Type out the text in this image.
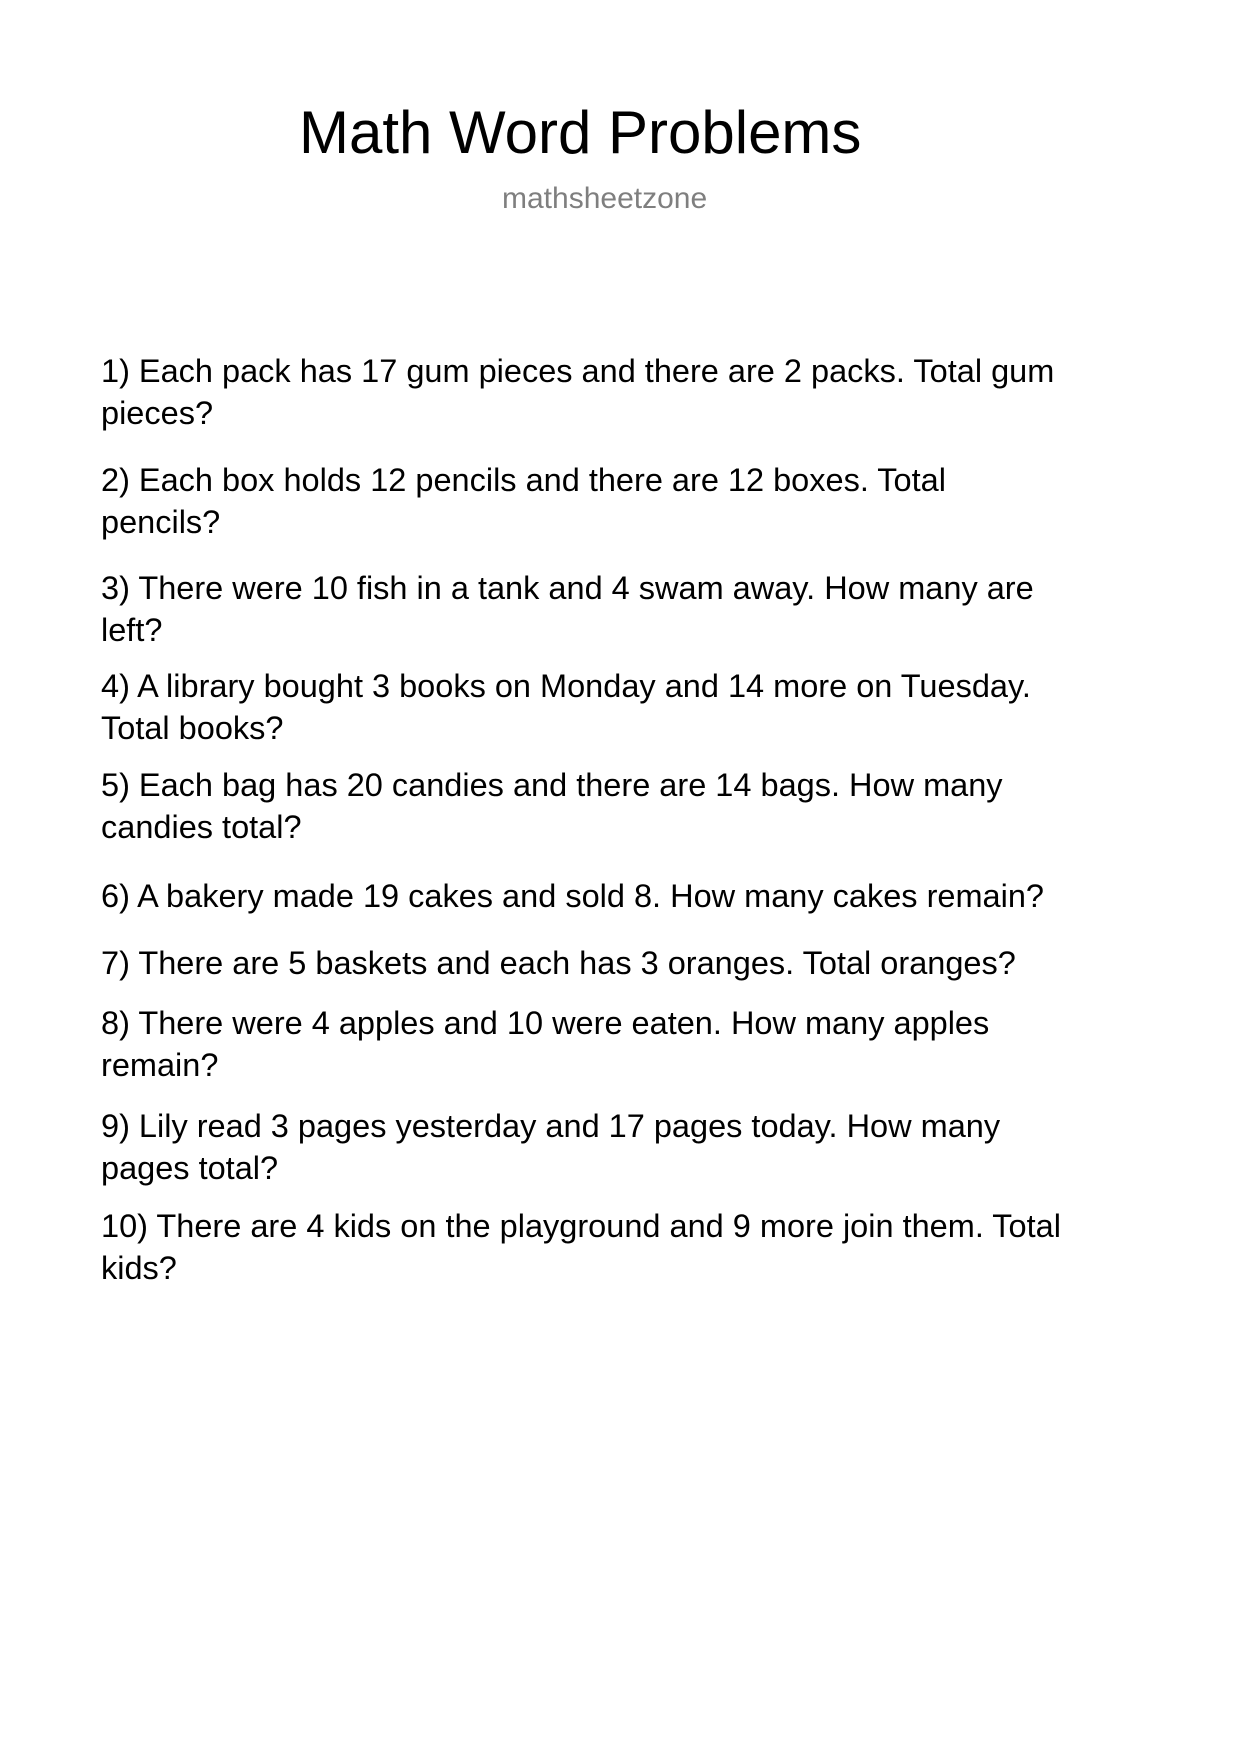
Math Word Problems
mathsheetzone
1) Each pack has 17 gum pieces and there are 2 packs. Total gum
pieces?
2) Each box holds 12 pencils and there are 12 boxes. Total
pencils?
3) There were 10 fish in a tank and 4 swam away. How many are
left?
4) A library bought 3 books on Monday and 14 more on Tuesday.
Total books?
5) Each bag has 20 candies and there are 14 bags. How many
candies total?
6) A bakery made 19 cakes and sold 8. How many cakes remain?
7) There are 5 baskets and each has 3 oranges. Total oranges?
8) There were 4 apples and 10 were eaten. How many apples
remain?
9) Lily read 3 pages yesterday and 17 pages today. How many
pages total?
10) There are 4 kids on the playground and 9 more join them. Total
kids?
